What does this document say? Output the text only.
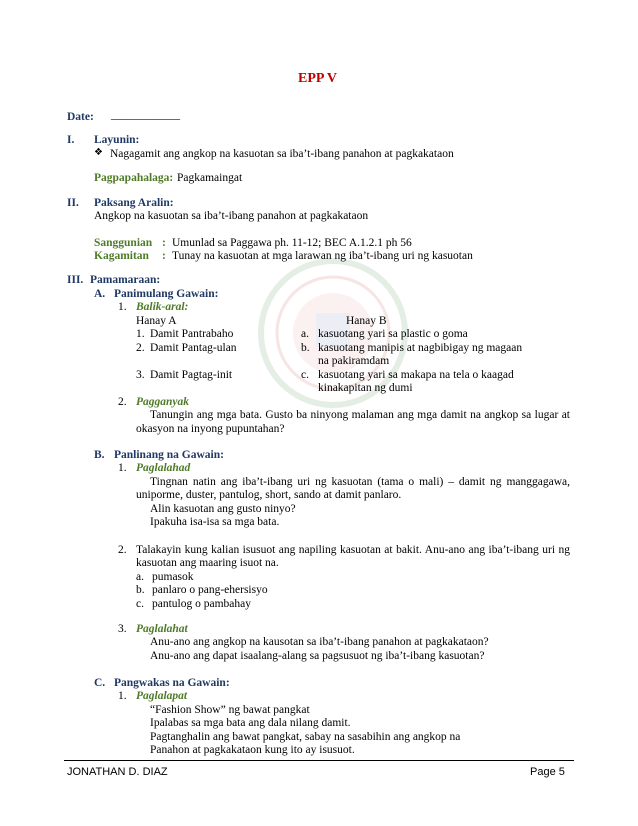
EPP V
Date: ____________
I. Layunin:
❖ Nagagamit ang angkop na kasuotan sa iba’t-ibang panahon at pagkakataon
Pagpapahalaga: Pagkamaingat
II. Paksang Aralin:
Angkop na kasuotan sa iba’t-ibang panahon at pagkakataon
Sanggunian : Umunlad sa Paggawa ph. 11-12; BEC A.1.2.1 ph 56
Kagamitan : Tunay na kasuotan at mga larawan ng iba’t-ibang uri ng kasuotan
III. Pamamaraan:
A. Panimulang Gawain:
1. Balik-aral:
Hanay A	Hanay B
1. Damit Pantrabaho	a. kasuotang yari sa plastic o goma
2. Damit Pantag-ulan	b. kasuotang manipis at nagbibigay ng magaan
na pakiramdam
3. Damit Pagtag-init	c. kasuotang yari sa makapa na tela o kaagad
kinakapitan ng dumi
2. Pagganyak
Tanungin ang mga bata. Gusto ba ninyong malaman ang mga damit na angkop sa lugar at
okasyon na inyong pupuntahan?
B. Panlinang na Gawain:
1. Paglalahad
Tingnan natin ang iba’t-ibang uri ng kasuotan (tama o mali) – damit ng manggagawa,
uniporme, duster, pantulog, short, sando at damit panlaro.
Alin kasuotan ang gusto ninyo?
Ipakuha isa-isa sa mga bata.
2. Talakayin kung kalian isusuot ang napiling kasuotan at bakit. Anu-ano ang iba’t-ibang uri ng
kasuotan ang maaring isuot na.
a. pumasok
b. panlaro o pang-ehersisyo
c. pantulog o pambahay
3. Paglalahat
Anu-ano ang angkop na kausotan sa iba’t-ibang panahon at pagkakataon?
Anu-ano ang dapat isaalang-alang sa pagsusuot ng iba’t-ibang kasuotan?
C. Pangwakas na Gawain:
1. Paglalapat
“Fashion Show” ng bawat pangkat
Ipalabas sa mga bata ang dala nilang damit.
Pagtanghalin ang bawat pangkat, sabay na sasabihin ang angkop na
Panahon at pagkakataon kung ito ay isusuot.
JONATHAN D. DIAZ	Page 5
